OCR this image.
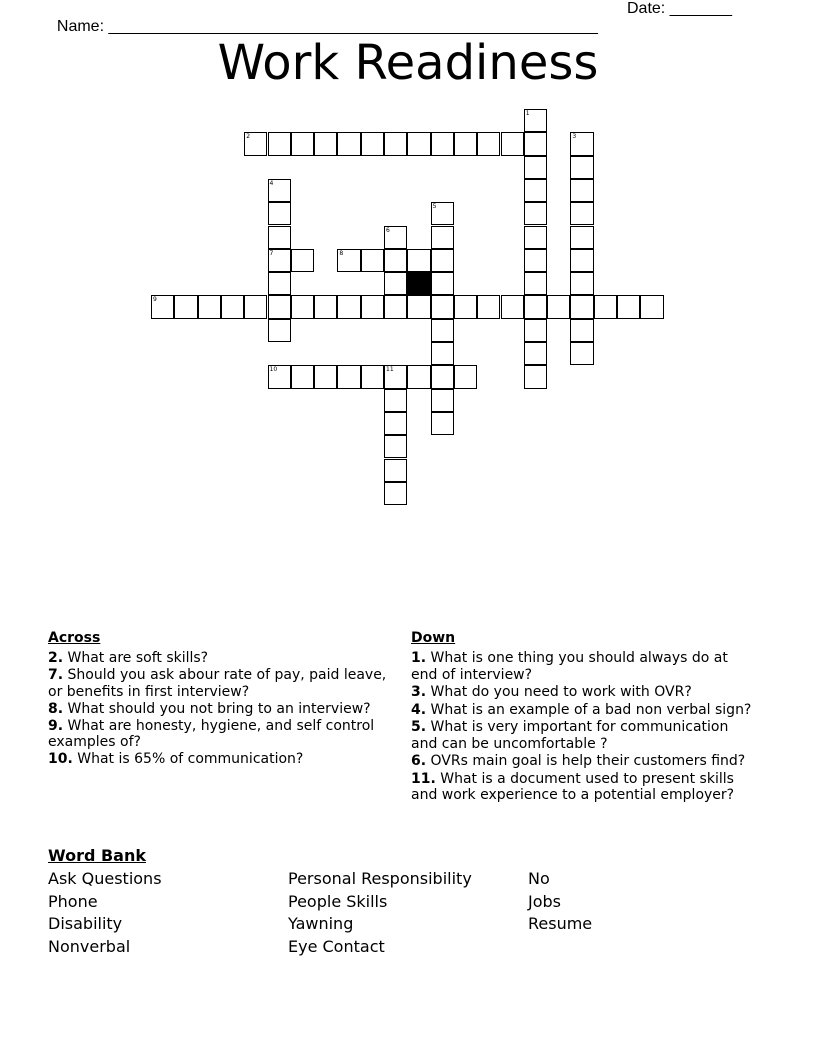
Name: _______________________________________________________

Date: _______

Work Readiness
1
2	3
4
5
6
7	8
9
10	11
Across
2. What are soft skills?
7. Should you ask abour rate of pay, paid leave, or benefits in first interview?
8. What should you not bring to an interview?
9. What are honesty, hygiene, and self control examples of?
10. What is 65% of communication?
Down
1. What is one thing you should always do at end of interview?
3. What do you need to work with OVR?
4. What is an example of a bad non verbal sign?
5. What is very important for communication and can be uncomfortable ?
6. OVRs main goal is help their customers find?
11. What is a document used to present skills and work experience to a potential employer?
Word Bank
Ask Questions	Personal Responsibility	No
Phone	People Skills	Jobs
Disability	Yawning	Resume
Nonverbal	Eye Contact
